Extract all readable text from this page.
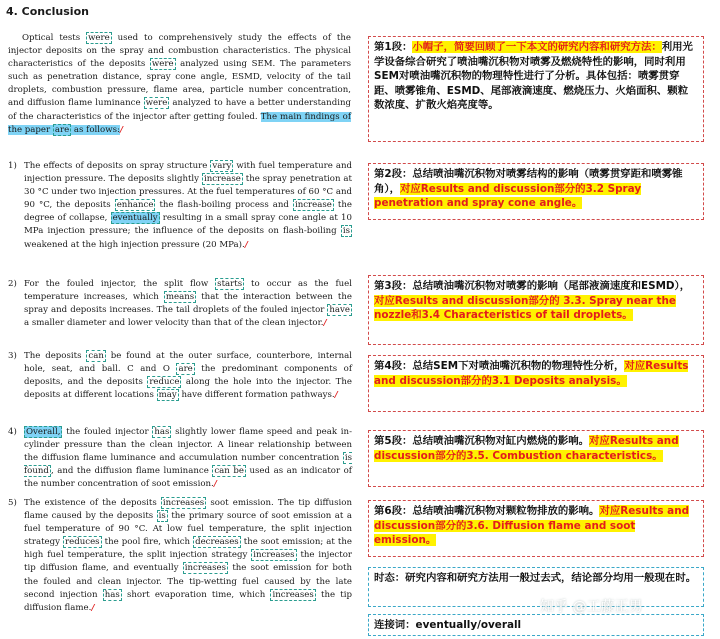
4. Conclusion
Optical tests were used to comprehensively study the effects of the injector deposits on the spray and combustion characteristics. The physical characteristics of the deposits were analyzed using SEM. The parameters such as penetration distance, spray cone angle, ESMD, velocity of the tail droplets, combustion pressure, flame area, particle number concentration, and diffusion flame luminance were analyzed to have a better understanding of the characteristics of the injector after getting fouled. The main findings of the paper are as follows:/
1) The effects of deposits on spray structure vary with fuel temperature and injection pressure. The deposits slightly increase the spray penetration at 30 °C under two injection pressures. At the fuel temperatures of 60 °C and 90 °C, the deposits enhance the flash-boiling process and increase the degree of collapse, eventually resulting in a small spray cone angle at 10 MPa injection pressure; the influence of the deposits on flash-boiling is weakened at the high injection pressure (20 MPa)./
2) For the fouled injector, the split flow starts to occur as the fuel temperature increases, which means that the interaction between the spray and deposits increases. The tail droplets of the fouled injector have a smaller diameter and lower velocity than that of the clean injector./
3) The deposits can be found at the outer surface, counterbore, internal hole, seat, and ball. C and O are the predominant components of deposits, and the deposits reduce along the hole into the injector. The deposits at different locations may have different formation pathways./
4) Overall, the fouled injector has slightly lower flame speed and peak in-cylinder pressure than the clean injector. A linear relationship between the diffusion flame luminance and accumulation number concentration is found , and the diffusion flame luminance can be used as an indicator of the number concentration of soot emission./
5) The existence of the deposits increases soot emission. The tip diffusion flame caused by the deposits is the primary source of soot emission at a fuel temperature of 90 °C. At low fuel temperature, the split injection strategy reduces the pool fire, which decreases the soot emission; at the high fuel temperature, the split injection strategy increases the injector tip diffusion flame, and eventually increases the soot emission for both the fouled and clean injector. The tip-wetting fuel caused by the late second injection has short evaporation time, which increases the tip diffusion flame./
第1段：小帽子，简要回顾了一下本文的研究内容和研究方法：利用光学设备综合研究了喷油嘴沉积物对喷雾及燃烧特性的影响，同时利用SEM对喷油嘴沉积物的物理特性进行了分析。具体包括：喷雾贯穿距、喷雾锥角、ESMD、尾部液滴速度、燃烧压力、火焰面积、颗粒数浓度、扩散火焰亮度等。
第2段：总结喷油嘴沉积物对喷雾结构的影响（喷雾贯穿距和喷雾锥角），对应Results and discussion部分的3.2 Spray penetration and spray cone angle。
第3段：总结喷油嘴沉积物对喷雾的影响（尾部液滴速度和ESMD），对应Results and discussion部分的 3.3. Spray near the nozzle和3.4 Characteristics of tail droplets。
第4段：总结SEM下对喷油嘴沉积物的物理特性分析，对应Results and discussion部分的3.1 Deposits analysis。
第5段：总结喷油嘴沉积物对缸内燃烧的影响。对应Results and discussion部分的3.5. Combustion characteristics。
第6段：总结喷油嘴沉积物对颗粒物排放的影响。对应Results and discussion部分的3.6. Diffusion flame and soot emission。
时态：研究内容和研究方法用一般过去式，结论部分均用一般现在时。
连接词：eventually/overall
知乎 @工藤正男
